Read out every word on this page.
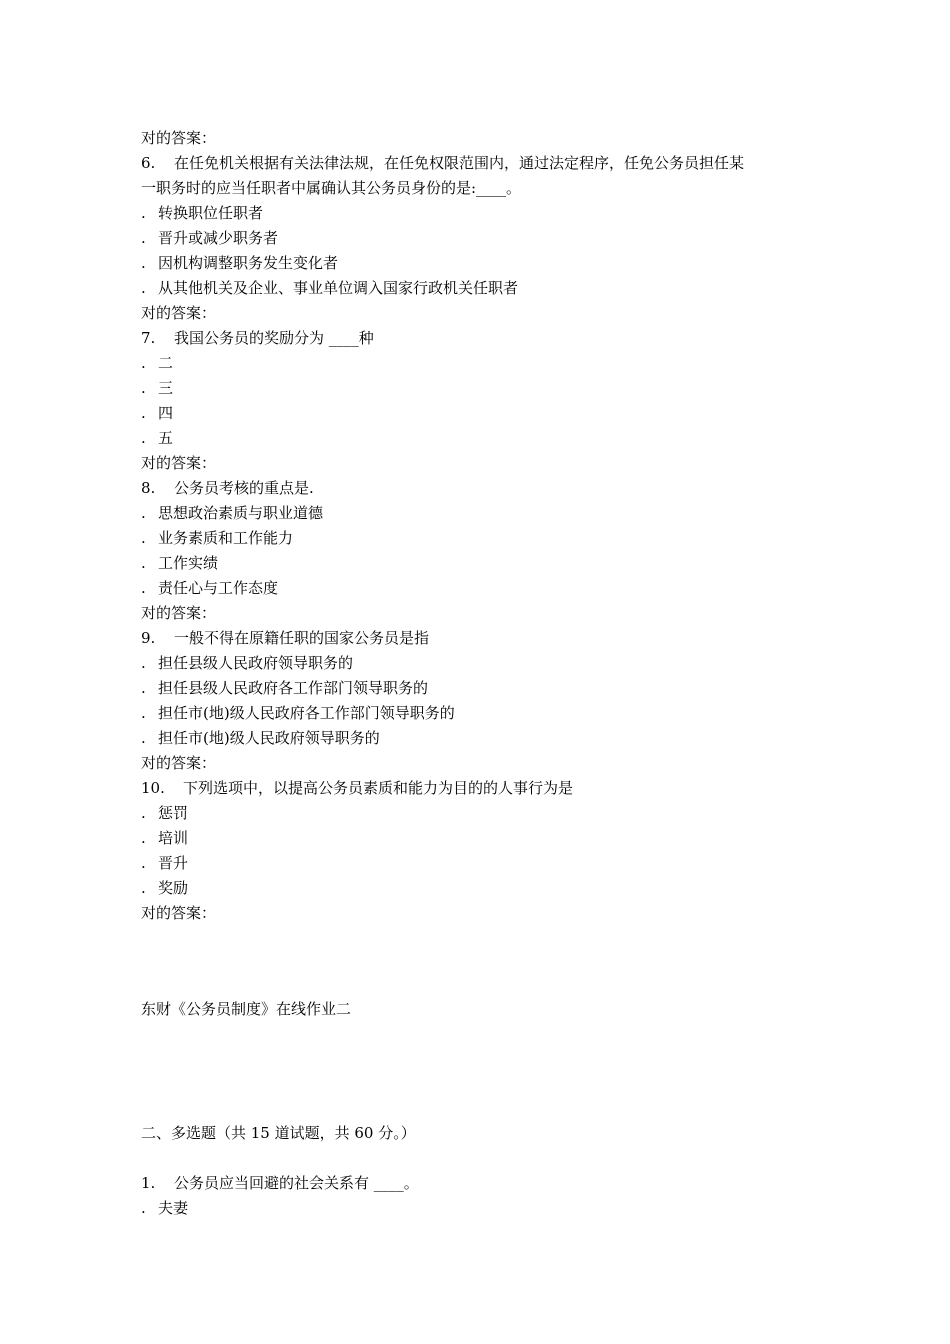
对的答案：
6. 在任免机关根据有关法律法规，在任免权限范围内，通过法定程序，任免公务员担任某
一职务时的应当任职者中属确认其公务员身份的是:____。
. 转换职位任职者
. 晋升或减少职务者
. 因机构调整职务发生变化者
. 从其他机关及企业、事业单位调入国家行政机关任职者
对的答案：
7. 我国公务员的奖励分为 ____种
. 二
. 三
. 四
. 五
对的答案：
8. 公务员考核的重点是.
. 思想政治素质与职业道德
. 业务素质和工作能力
. 工作实绩
. 责任心与工作态度
对的答案：
9. 一般不得在原籍任职的国家公务员是指
. 担任县级人民政府领导职务的
. 担任县级人民政府各工作部门领导职务的
. 担任市(地)级人民政府各工作部门领导职务的
. 担任市(地)级人民政府领导职务的
对的答案：
10. 下列选项中，以提高公务员素质和能力为目的的人事行为是
. 惩罚
. 培训
. 晋升
. 奖励
对的答案：
东财《公务员制度》在线作业二
二、多选题（共 15 道试题，共 60 分。）
1. 公务员应当回避的社会关系有 ____。
. 夫妻
